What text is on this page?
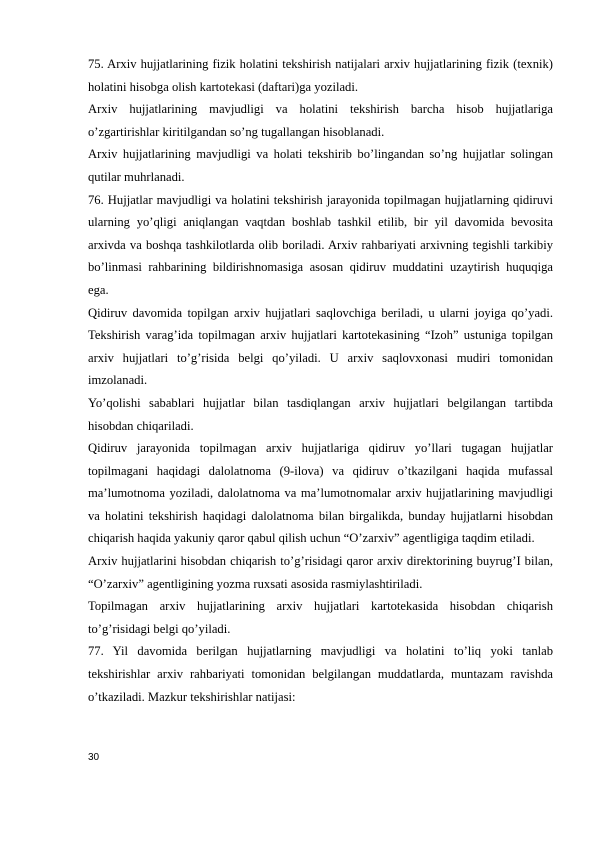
75. Arxiv hujjatlarining fizik holatini tekshirish natijalari arxiv hujjatlarining fizik (texnik) holatini hisobga olish kartotekasi (daftari)ga yoziladi.

Arxiv hujjatlarining mavjudligi va holatini tekshirish barcha hisob hujjatlariga o’zgartirishlar kiritilgandan so’ng tugallangan hisoblanadi.

Arxiv hujjatlarining mavjudligi va holati tekshirib bo’lingandan so’ng hujjatlar solingan qutilar muhrlanadi.

76. Hujjatlar mavjudligi va holatini tekshirish jarayonida topilmagan hujjatlarning qidiruvi ularning yo’qligi aniqlangan vaqtdan boshlab tashkil etilib, bir yil davomida bevosita arxivda va boshqa tashkilotlarda olib boriladi. Arxiv rahbariyati arxivning tegishli tarkibiy bo’linmasi rahbarining bildirishnomasiga asosan qidiruv muddatini uzaytirish huquqiga ega.

Qidiruv davomida topilgan arxiv hujjatlari saqlovchiga beriladi, u ularni joyiga qo’yadi. Tekshirish varag’ida topilmagan arxiv hujjatlari kartotekasining “Izoh” ustuniga topilgan arxiv hujjatlari to’g’risida belgi qo’yiladi. U arxiv saqlovxonasi mudiri tomonidan imzolanadi.

Yo’qolishi sabablari hujjatlar bilan tasdiqlangan arxiv hujjatlari belgilangan tartibda hisobdan chiqariladi.

Qidiruv jarayonida topilmagan arxiv hujjatlariga qidiruv yo’llari tugagan hujjatlar topilmagani haqidagi dalolatnoma (9-ilova) va qidiruv o’tkazilgani haqida mufassal ma’lumotnoma yoziladi, dalolatnoma va ma’lumotnomalar arxiv hujjatlarining mavjudligi va holatini tekshirish haqidagi dalolatnoma bilan birgalikda, bunday hujjatlarni hisobdan chiqarish haqida yakuniy qaror qabul qilish uchun “O’zarxiv” agentligiga taqdim etiladi.

Arxiv hujjatlarini hisobdan chiqarish to’g’risidagi qaror arxiv direktorining buyrug’I bilan, “O’zarxiv” agentligining yozma ruxsati asosida rasmiylashtiriladi.

Topilmagan arxiv hujjatlarining arxiv hujjatlari kartotekasida hisobdan chiqarish to’g’risidagi belgi qo’yiladi.

77. Yil davomida berilgan hujjatlarning mavjudligi va holatini to’liq yoki tanlab tekshirishlar arxiv rahbariyati tomonidan belgilangan muddatlarda, muntazam ravishda o’tkaziladi. Mazkur tekshirishlar natijasi:

30
